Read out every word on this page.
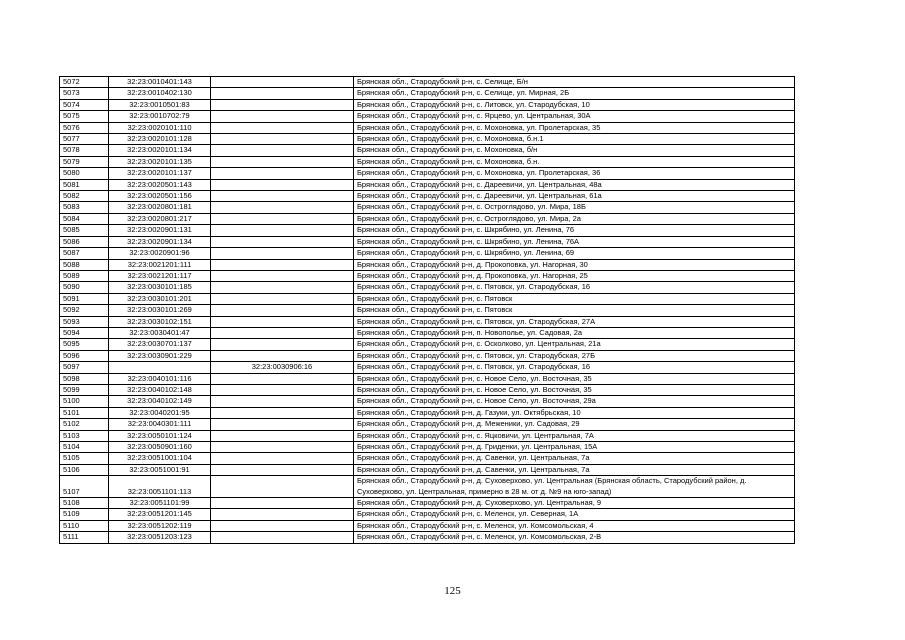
5072	32:23:0010401:143		Брянская обл., Стародубский р-н, с. Селище, Б/н
5073	32:23:0010402:130		Брянская обл., Стародубский р-н, с. Селище, ул. Мирная, 2Б
5074	32:23:0010501:83		Брянская обл., Стародубский р-н, с. Литовск, ул. Стародубская, 10
5075	32:23:0010702:79		Брянская обл., Стародубский р-н, с. Ярцево, ул. Центральная, 30А
5076	32:23:0020101:110		Брянская обл., Стародубский р-н, с. Мохоновка, ул. Пролетарская, 35
5077	32:23:0020101:128		Брянская обл., Стародубский р-н, с. Мохоновка, б.н.1
5078	32:23:0020101:134		Брянская обл., Стародубский р-н, с. Мохоновка, б/н
5079	32:23:0020101:135		Брянская обл., Стародубский р-н, с. Мохоновка, б.н.
5080	32:23:0020101:137		Брянская обл., Стародубский р-н, с. Мохоновка, ул. Пролетарская, 36
5081	32:23:0020501:143		Брянская обл., Стародубский р-н, с. Дареевичи, ул. Центральная, 48а
5082	32:23:0020501:156		Брянская обл., Стародубский р-н, с. Дареевичи, ул. Центральная, 61а
5083	32:23:0020801:181		Брянская обл., Стародубский р-н, с. Остроглядово, ул. Мира, 18Б
5084	32:23:0020801:217		Брянская обл., Стародубский р-н, с. Остроглядово, ул. Мира, 2а
5085	32:23:0020901:131		Брянская обл., Стародубский р-н, с. Шкрябино, ул. Ленина, 76
5086	32:23:0020901:134		Брянская обл., Стародубский р-н, с. Шкрябино, ул. Ленина, 76А
5087	32:23:0020901:96		Брянская обл., Стародубский р-н, с. Шкрябино, ул. Ленина, 69
5088	32:23:0021201:111		Брянская обл., Стародубский р-н, д. Прокоповка, ул. Нагорная, 30
5089	32:23:0021201:117		Брянская обл., Стародубский р-н, д. Прокоповка, ул. Нагорная, 25
5090	32:23:0030101:185		Брянская обл., Стародубский р-н, с. Пятовск, ул. Стародубская, 16
5091	32:23:0030101:201		Брянская обл., Стародубский р-н, с. Пятовск
5092	32:23:0030101:269		Брянская обл., Стародубский р-н, с. Пятовск
5093	32:23:0030102:151		Брянская обл., Стародубский р-н, с. Пятовск, ул. Стародубская, 27А
5094	32:23:0030401:47		Брянская обл., Стародубский р-н, п. Новополье, ул. Садовая, 2а
5095	32:23:0030701:137		Брянская обл., Стародубский р-н, с. Осколково, ул. Центральная, 21а
5096	32:23:0030901:229		Брянская обл., Стародубский р-н, с. Пятовск, ул. Стародубская, 27Б
5097		32:23:0030906:16	Брянская обл., Стародубский р-н, с. Пятовск, ул. Стародубская, 16
5098	32:23:0040101:116		Брянская обл., Стародубский р-н, с. Новое Село, ул. Восточная, 35
5099	32:23:0040102:148		Брянская обл., Стародубский р-н, с. Новое Село, ул. Восточная, 35
5100	32:23:0040102:149		Брянская обл., Стародубский р-н, с. Новое Село, ул. Восточная, 29а
5101	32:23:0040201:95		Брянская обл., Стародубский р-н, д. Газуки, ул. Октябрьская, 10
5102	32:23:0040301:111		Брянская обл., Стародубский р-н, д. Меженики, ул. Садовая, 29
5103	32:23:0050101:124		Брянская обл., Стародубский р-н, с. Яцковичи, ул. Центральная, 7А
5104	32:23:0050901:160		Брянская обл., Стародубский р-н, д. Гриденки, ул. Центральная, 15А
5105	32:23:0051001:104		Брянская обл., Стародубский р-н, д. Савенки, ул. Центральная, 7а
5106	32:23:0051001:91		Брянская обл., Стародубский р-н, д. Савенки, ул. Центральная, 7а
5107	32:23:0051101:113		Брянская обл., Стародубский р-н, д. Суховерхово, ул. Центральная (Брянская область, Стародубский район, д. Суховерхово, ул. Центральная, примерно в 28 м. от д. №9 на юго-запад)
5108	32:23:0051101:99		Брянская обл., Стародубский р-н, д. Суховерхово, ул. Центральная, 9
5109	32:23:0051201:145		Брянская обл., Стародубский р-н, с. Меленск, ул. Северная, 1А
5110	32:23:0051202:119		Брянская обл., Стародубский р-н, с. Меленск, ул. Комсомольская, 4
5111	32:23:0051203:123		Брянская обл., Стародубский р-н, с. Меленск, ул. Комсомольская, 2-В
125
